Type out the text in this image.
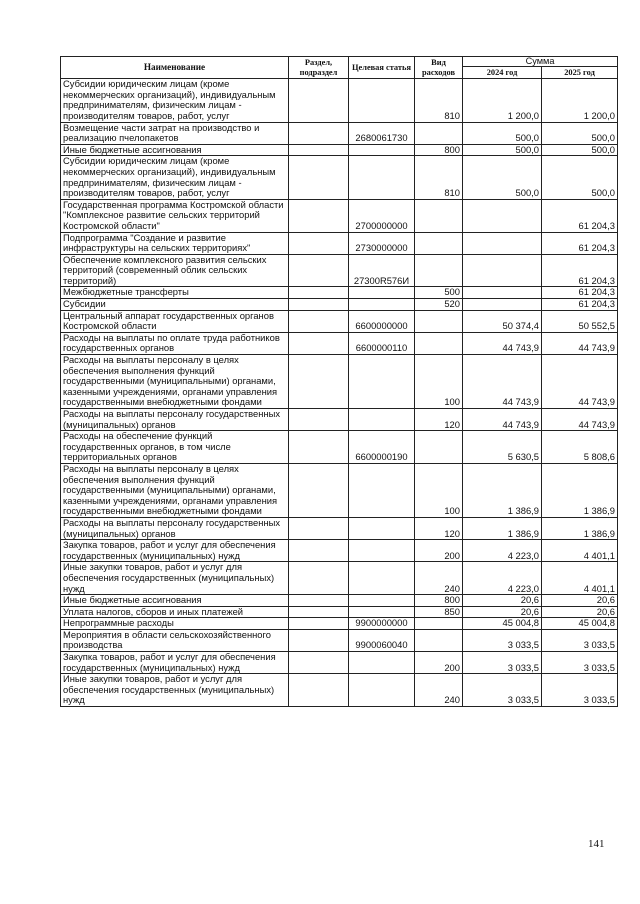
Наименование	Раздел, подраздел	Целевая статья	Вид расходов	Сумма	
				2024 год	2025 год
Субсидии юридическим лицам (кроме некоммерческих организаций), индивидуальным предпринимателям, физическим лицам - производителям товаров, работ, услуг			810	1 200,0	1 200,0
Возмещение части затрат на производство и реализацию пчелопакетов		2680061730		500,0	500,0
Иные бюджетные ассигнования			800	500,0	500,0
Субсидии юридическим лицам (кроме некоммерческих организаций), индивидуальным предпринимателям, физическим лицам - производителям товаров, работ, услуг			810	500,0	500,0
Государственная программа Костромской области "Комплексное развитие сельских территорий Костромской области"		2700000000			61 204,3
Подпрограмма "Создание и развитие инфраструктуры на сельских территориях"		2730000000			61 204,3
Обеспечение комплексного развития сельских территорий (современный облик сельских территорий)		27300R576И			61 204,3
Межбюджетные трансферты			500		61 204,3
Субсидии			520		61 204,3
Центральный аппарат государственных органов Костромской области		6600000000		50 374,4	50 552,5
Расходы на выплаты по оплате труда работников государственных органов		6600000110		44 743,9	44 743,9
Расходы на выплаты персоналу в целях обеспечения выполнения функций государственными (муниципальными) органами, казенными учреждениями, органами управления государственными внебюджетными фондами			100	44 743,9	44 743,9
Расходы на выплаты персоналу государственных (муниципальных) органов			120	44 743,9	44 743,9
Расходы на обеспечение функций государственных органов, в том числе территориальных органов		6600000190		5 630,5	5 808,6
Расходы на выплаты персоналу в целях обеспечения выполнения функций государственными (муниципальными) органами, казенными учреждениями, органами управления государственными внебюджетными фондами			100	1 386,9	1 386,9
Расходы на выплаты персоналу государственных (муниципальных) органов			120	1 386,9	1 386,9
Закупка товаров, работ и услуг для обеспечения государственных (муниципальных) нужд			200	4 223,0	4 401,1
Иные закупки товаров, работ и услуг для обеспечения государственных (муниципальных) нужд			240	4 223,0	4 401,1
Иные бюджетные ассигнования			800	20,6	20,6
Уплата налогов, сборов и иных платежей			850	20,6	20,6
Непрограммные расходы		9900000000		45 004,8	45 004,8
Мероприятия в области сельскохозяйственного производства		9900060040		3 033,5	3 033,5
Закупка товаров, работ и услуг для обеспечения государственных (муниципальных) нужд			200	3 033,5	3 033,5
Иные закупки товаров, работ и услуг для обеспечения государственных (муниципальных) нужд			240	3 033,5	3 033,5
141
